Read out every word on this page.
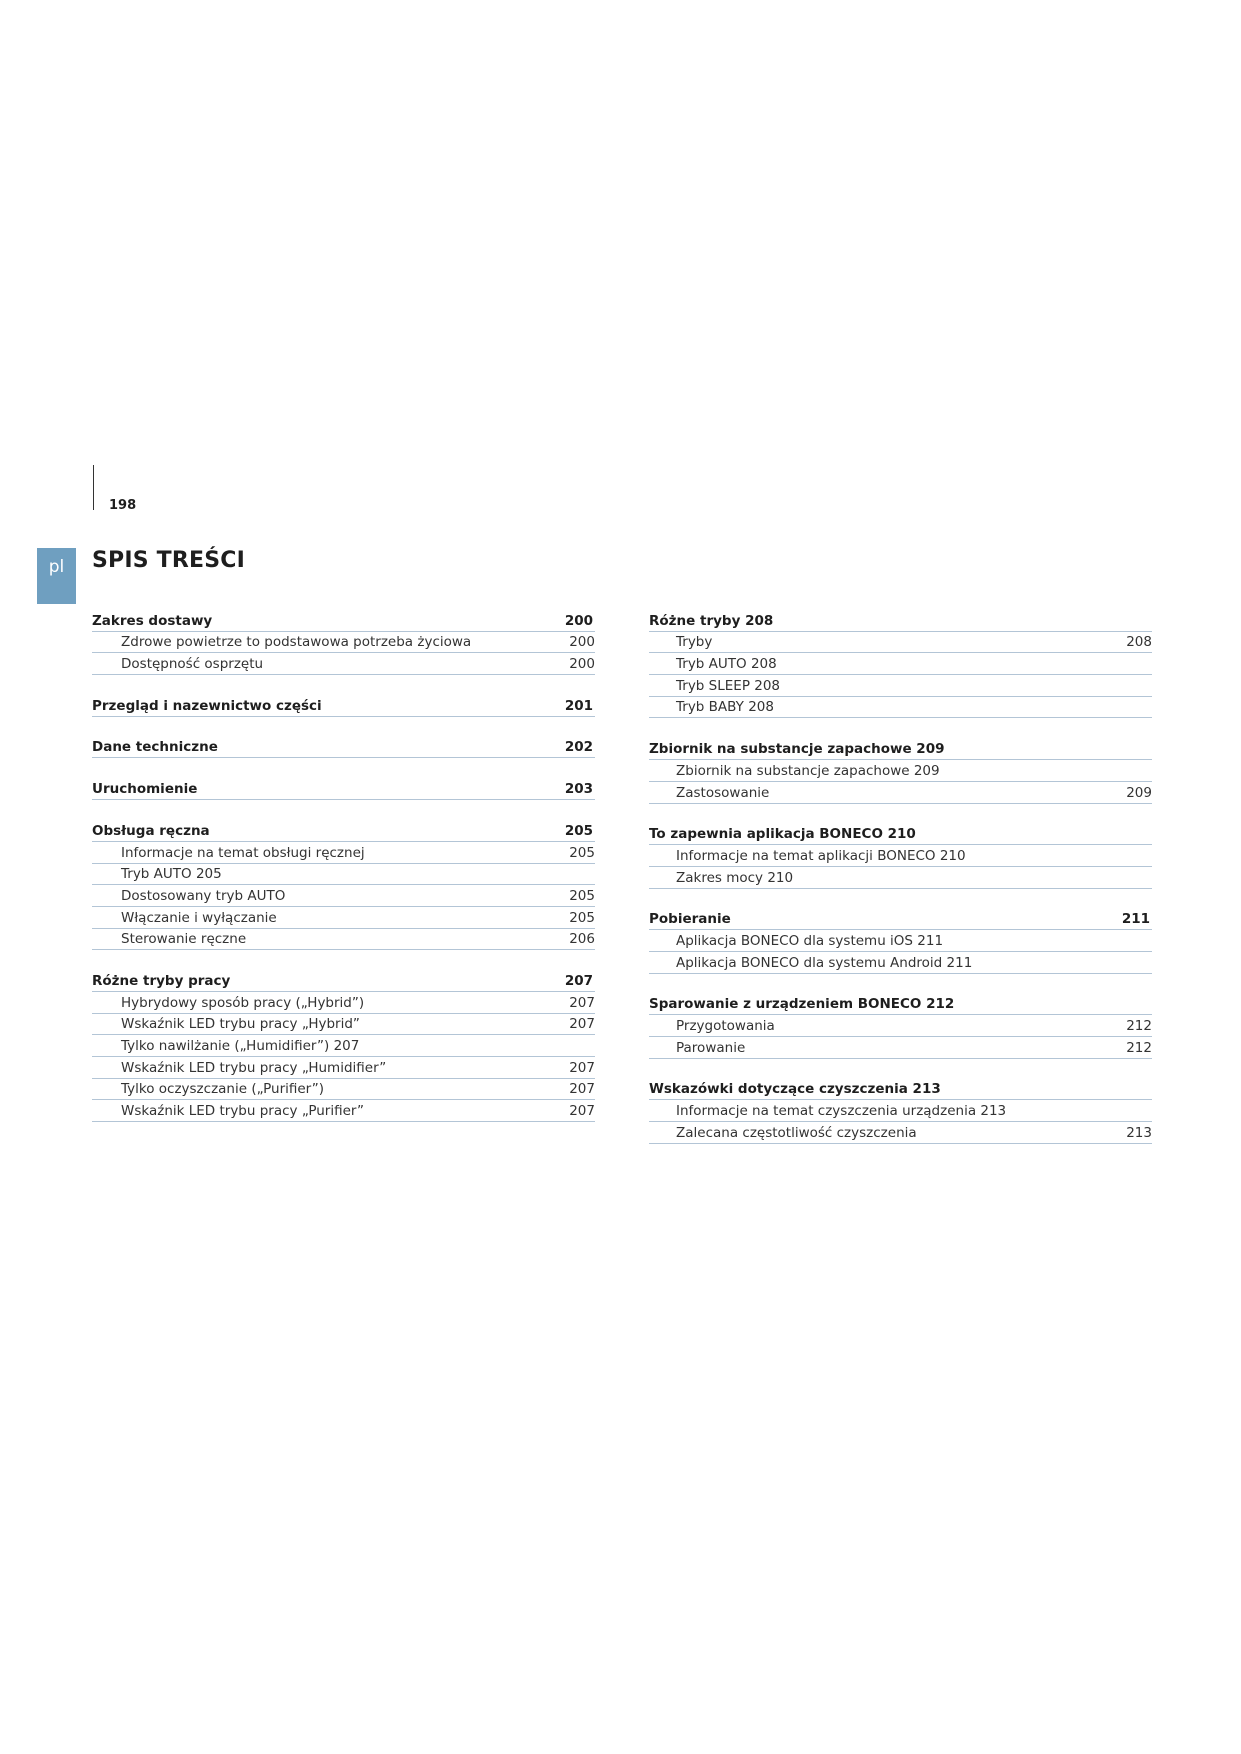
198
pl	SPIS TREŚCI
Zakres dostawy	200
Zdrowe powietrze to podstawowa potrzeba życiowa	200
Dostępność osprzętu	200
Przegląd i nazewnictwo części	201
Dane techniczne	202
Uruchomienie	203
Obsługa ręczna	205
Informacje na temat obsługi ręcznej	205
Tryb AUTO 205
Dostosowany tryb AUTO	205
Włączanie i wyłączanie	205
Sterowanie ręczne	206
Różne tryby pracy	207
Hybrydowy sposób pracy („Hybrid”)	207
Wskaźnik LED trybu pracy „Hybrid”	207
Tylko nawilżanie („Humidifier”) 207
Wskaźnik LED trybu pracy „Humidifier”	207
Tylko oczyszczanie („Purifier”)	207
Wskaźnik LED trybu pracy „Purifier”	207
Różne tryby 208
Tryby	208
Tryb AUTO 208
Tryb SLEEP 208
Tryb BABY 208
Zbiornik na substancje zapachowe 209
Zbiornik na substancje zapachowe 209
Zastosowanie	209
To zapewnia aplikacja BONECO 210
Informacje na temat aplikacji BONECO 210
Zakres mocy 210
Pobieranie	211
Aplikacja BONECO dla systemu iOS 211
Aplikacja BONECO dla systemu Android 211
Sparowanie z urządzeniem BONECO 212
Przygotowania	212
Parowanie	212
Wskazówki dotyczące czyszczenia 213
Informacje na temat czyszczenia urządzenia 213
Zalecana częstotliwość czyszczenia	213
